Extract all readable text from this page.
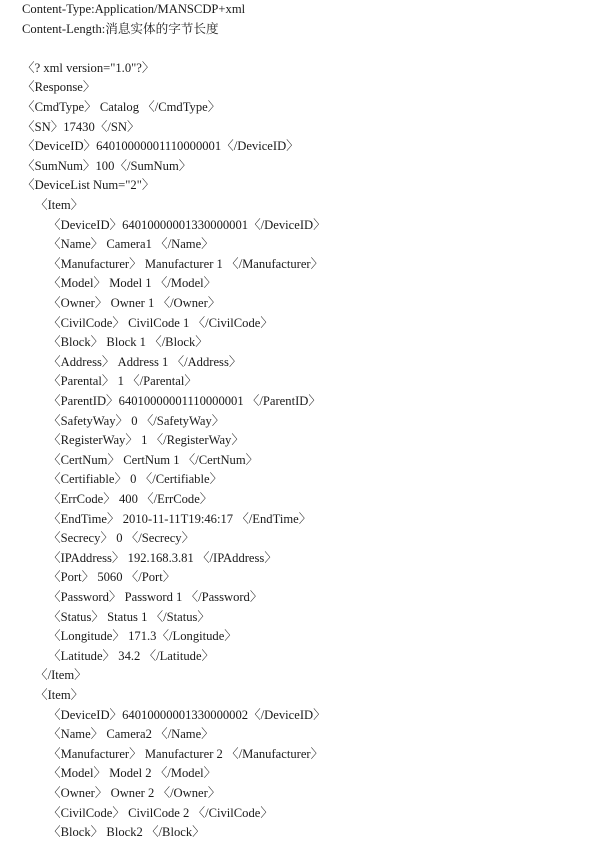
Content-Type:Application/MANSCDP+xml
Content-Length:消息实体的字节长度
〈? xml version="1.0"?〉
〈Response〉
〈CmdType〉 Catalog 〈/CmdType〉
〈SN〉17430〈/SN〉
〈DeviceID〉64010000001110000001〈/DeviceID〉
〈SumNum〉100〈/SumNum〉
〈DeviceList Num="2"〉
〈Item〉
〈DeviceID〉64010000001330000001〈/DeviceID〉
〈Name〉 Camera1 〈/Name〉
〈Manufacturer〉 Manufacturer 1 〈/Manufacturer〉
〈Model〉 Model 1 〈/Model〉
〈Owner〉 Owner 1 〈/Owner〉
〈CivilCode〉 CivilCode 1 〈/CivilCode〉
〈Block〉 Block 1 〈/Block〉
〈Address〉 Address 1 〈/Address〉
〈Parental〉 1 〈/Parental〉
〈ParentID〉64010000001110000001 〈/ParentID〉
〈SafetyWay〉 0 〈/SafetyWay〉
〈RegisterWay〉 1 〈/RegisterWay〉
〈CertNum〉 CertNum 1 〈/CertNum〉
〈Certifiable〉 0 〈/Certifiable〉
〈ErrCode〉 400 〈/ErrCode〉
〈EndTime〉 2010-11-11T19:46:17 〈/EndTime〉
〈Secrecy〉 0 〈/Secrecy〉
〈IPAddress〉 192.168.3.81 〈/IPAddress〉
〈Port〉 5060 〈/Port〉
〈Password〉 Password 1 〈/Password〉
〈Status〉 Status 1 〈/Status〉
〈Longitude〉 171.3〈/Longitude〉
〈Latitude〉 34.2 〈/Latitude〉
〈/Item〉
〈Item〉
〈DeviceID〉64010000001330000002〈/DeviceID〉
〈Name〉 Camera2 〈/Name〉
〈Manufacturer〉 Manufacturer 2 〈/Manufacturer〉
〈Model〉 Model 2 〈/Model〉
〈Owner〉 Owner 2 〈/Owner〉
〈CivilCode〉 CivilCode 2 〈/CivilCode〉
〈Block〉 Block2 〈/Block〉
